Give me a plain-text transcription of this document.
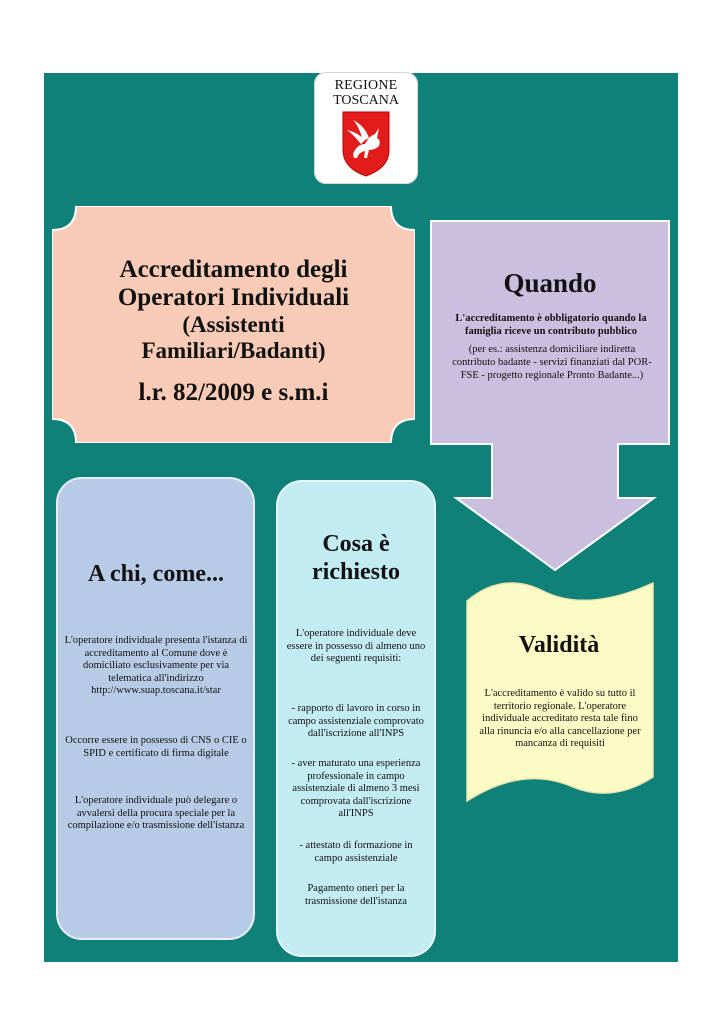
REGIONE
TOSCANA
Accreditamento degli
Operatori Individuali
(Assistenti
Familiari/Badanti)
l.r. 82/2009 e s.m.i
Quando
L'accreditamento è obbligatorio quando la famiglia riceve un contributo pubblico
(per es.: assistenza domiciliare indiretta contributo badante - servizi finanziati dal POR-FSE - progetto regionale Pronto Badante...)
A chi, come...
L'operatore individuale presenta l'istanza di accreditamento al Comune dove è domiciliato esclusivamente per via telematica all'indirizzo http://www.suap.toscana.it/star
Occorre essere in possesso di CNS o CIE o SPID e certificato di firma digitale
L'operatore individuale può delegare o avvalersi della procura speciale per la compilazione e/o trasmissione dell'istanza
Cosa è
richiesto
L'operatore individuale deve essere in possesso di almeno uno dei seguenti requisiti:
- rapporto di lavoro in corso in campo assistenziale comprovato dall'iscrizione all'INPS
- aver maturato una esperienza professionale in campo assistenziale di almeno 3 mesi comprovata dall'iscrizione all'INPS
- attestato di formazione in campo assistenziale
Pagamento oneri per la trasmissione dell'istanza
Validità
L'accreditamento è valido su tutto il territorio regionale. L'operatore individuale accreditato resta tale fino alla rinuncia e/o alla cancellazione per mancanza di requisiti
